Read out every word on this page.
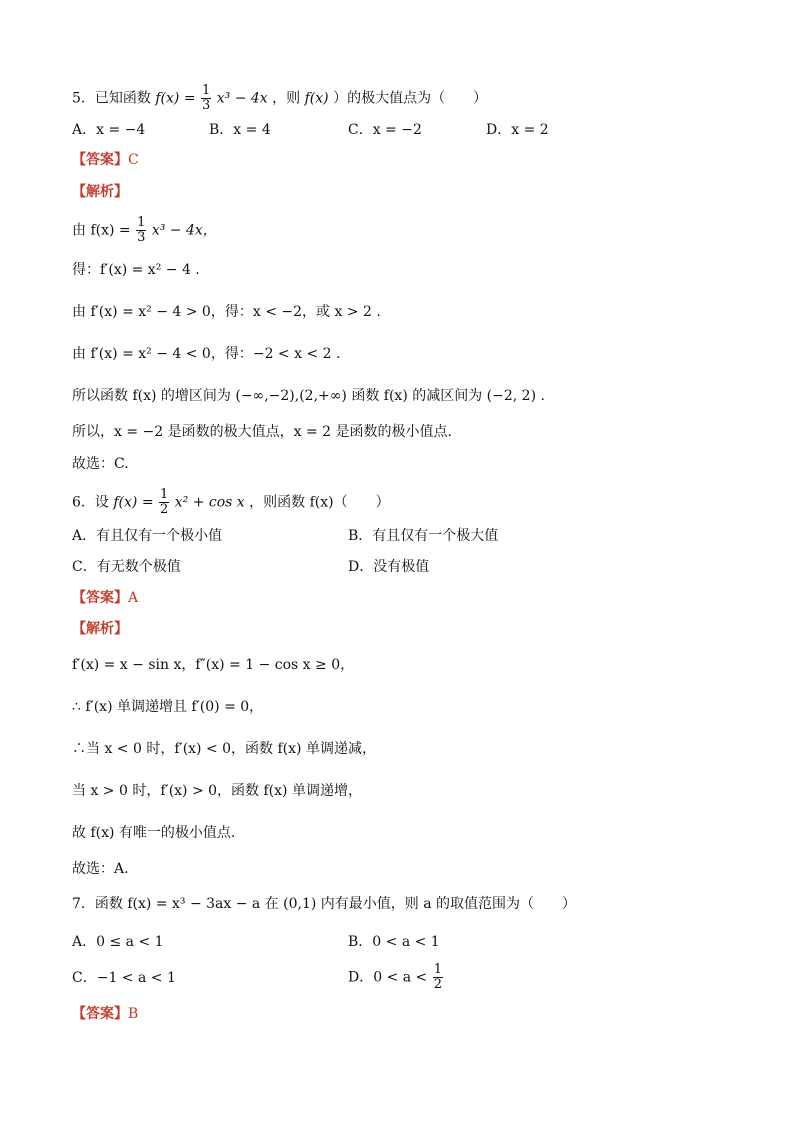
5．已知函数 $f(x) = \frac{1}{3} x^3 - 4x$ ，则 f(x) ）的极大值点为（　　）
A．x = −4	B．x = 4	C．x = −2	D．x = 2
【答案】C
【解析】
由 $f(x) = \frac{1}{3} x^3 - 4x$，
得：f′(x) = x² − 4 .
由 f′(x) = x² − 4 > 0，得：x < −2，或 x > 2 .
由 f′(x) = x² − 4 < 0，得：−2 < x < 2 .
所以函数 f(x) 的增区间为 (−∞,−2),(2,+∞) 函数 f(x) 的减区间为 (−2, 2) .
所以，x = −2 是函数的极大值点，x = 2 是函数的极小值点.
故选：C.
6．设 $f(x) = \frac{1}{2} x^2 + \cos x$ ，则函数 f(x)（　　）
A．有且仅有一个极小值	B．有且仅有一个极大值
C．有无数个极值	D．没有极值
【答案】A
【解析】
f′(x) = x − sin x，f″(x) = 1 − cos x ≥ 0，
∴ f′(x) 单调递增且 f′(0) = 0，
∴当 x < 0 时，f′(x) < 0，函数 f(x) 单调递减，
当 x > 0 时，f′(x) > 0，函数 f(x) 单调递增，
故 f(x) 有唯一的极小值点.
故选：A.
7．函数 f(x) = x³ − 3ax − a 在 (0,1) 内有最小值，则 a 的取值范围为（　　）
A．0 ≤ a < 1	B．0 < a < 1
C．−1 < a < 1	D．$0 < a < \frac{1}{2}$
【答案】B
